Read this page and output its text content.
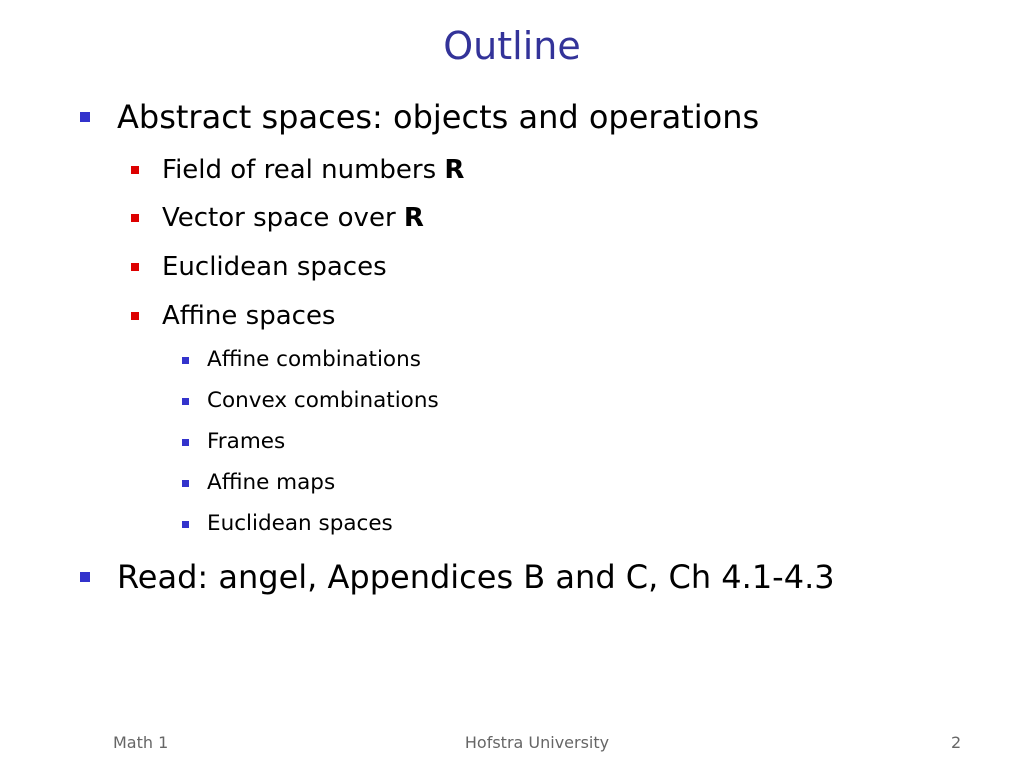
Outline
Abstract spaces: objects and operations
Field of real numbers R
Vector space over R
Euclidean spaces
Affine spaces
Affine combinations
Convex combinations
Frames
Affine maps
Euclidean spaces
Read: angel, Appendices B and C, Ch 4.1-4.3
Hofstra University
Math 1	2
